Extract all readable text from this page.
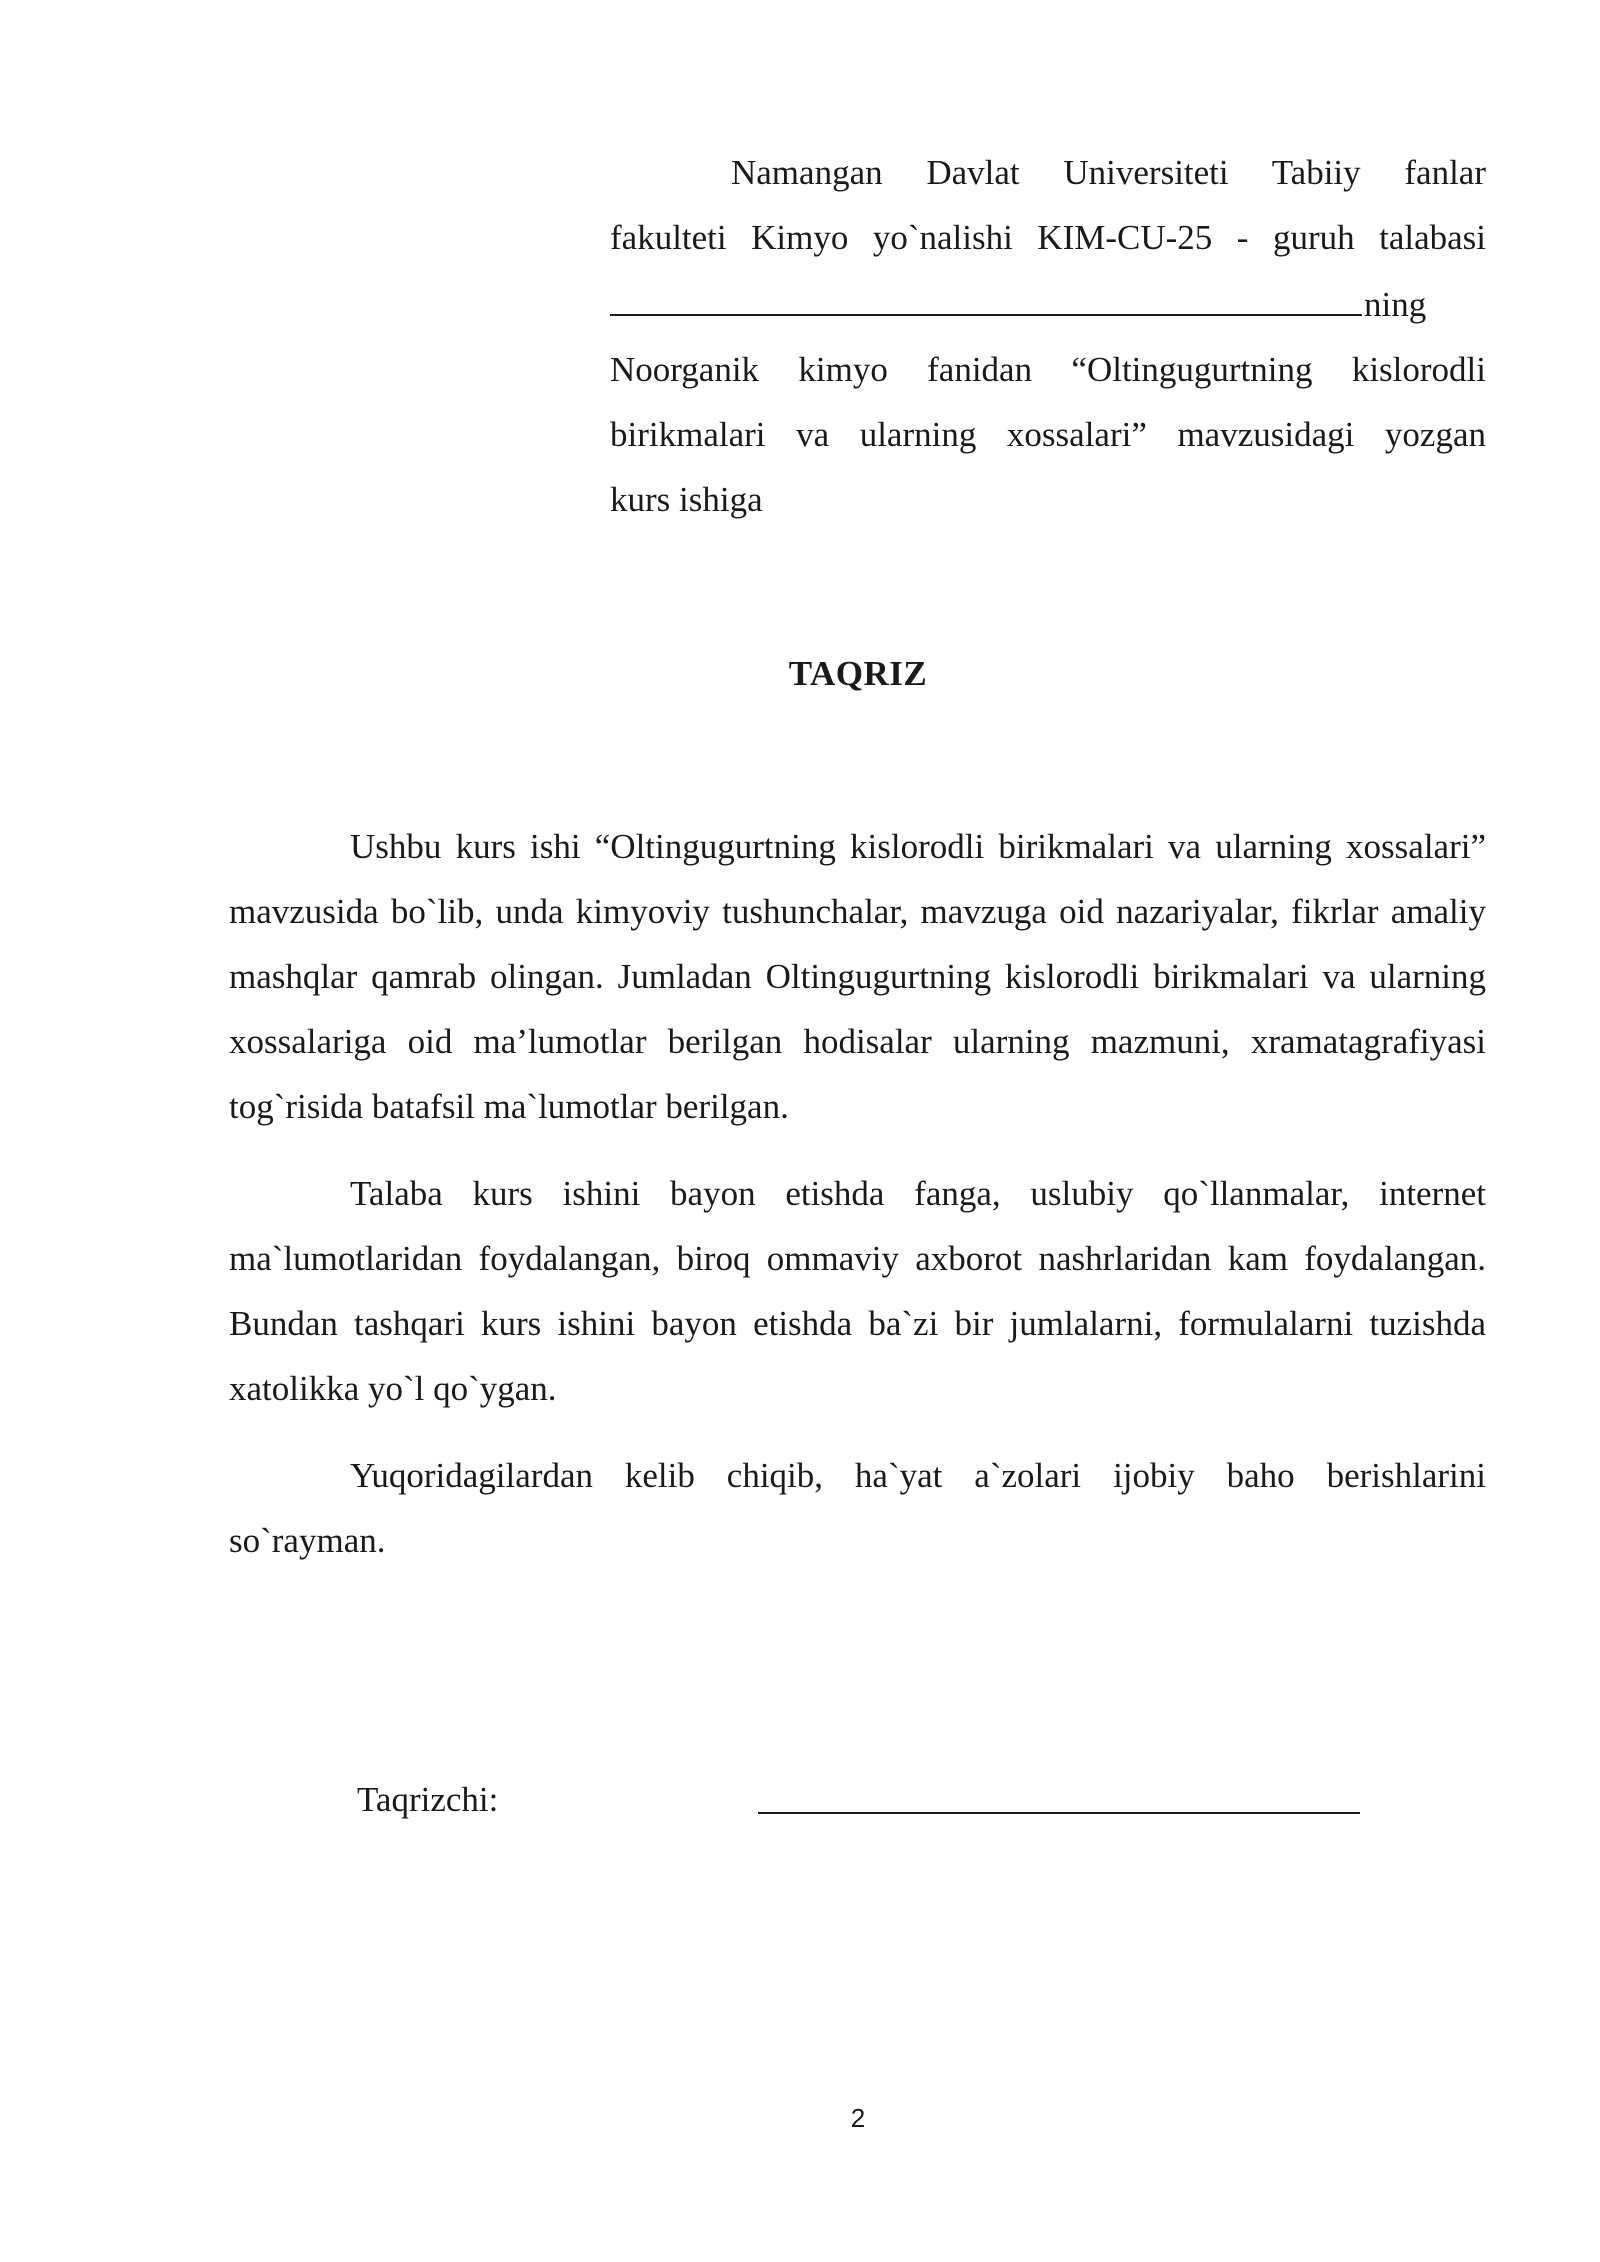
Namangan Davlat Universiteti Tabiiy fanlar
fakulteti Kimyo yo`nalishi KIM-CU-25 - guruh talabasi
ning
Noorganik kimyo fanidan “Oltingugurtning kislorodli
birikmalari va ularning xossalari” mavzusidagi yozgan
kurs ishiga
TAQRIZ

Ushbu kurs ishi “Oltingugurtning kislorodli birikmalari va ularning xossalari” mavzusida bo`lib, unda kimyoviy tushunchalar, mavzuga oid nazariyalar, fikrlar amaliy mashqlar qamrab olingan. Jumladan Oltingugurtning kislorodli birikmalari va ularning xossalariga oid ma’lumotlar berilgan hodisalar ularning mazmuni, xramatagrafiyasi tog`risida batafsil ma`lumotlar berilgan.

Talaba kurs ishini bayon etishda fanga, uslubiy qo`llanmalar, internet ma`lumotlaridan foydalangan, biroq ommaviy axborot nashrlaridan kam foydalangan. Bundan tashqari kurs ishini bayon etishda ba`zi bir jumlalarni, formulalarni tuzishda xatolikka yo`l qo`ygan.

Yuqoridagilardan kelib chiqib, ha`yat a`zolari ijobiy baho berishlarini so`rayman.

Taqrizchi:
2
